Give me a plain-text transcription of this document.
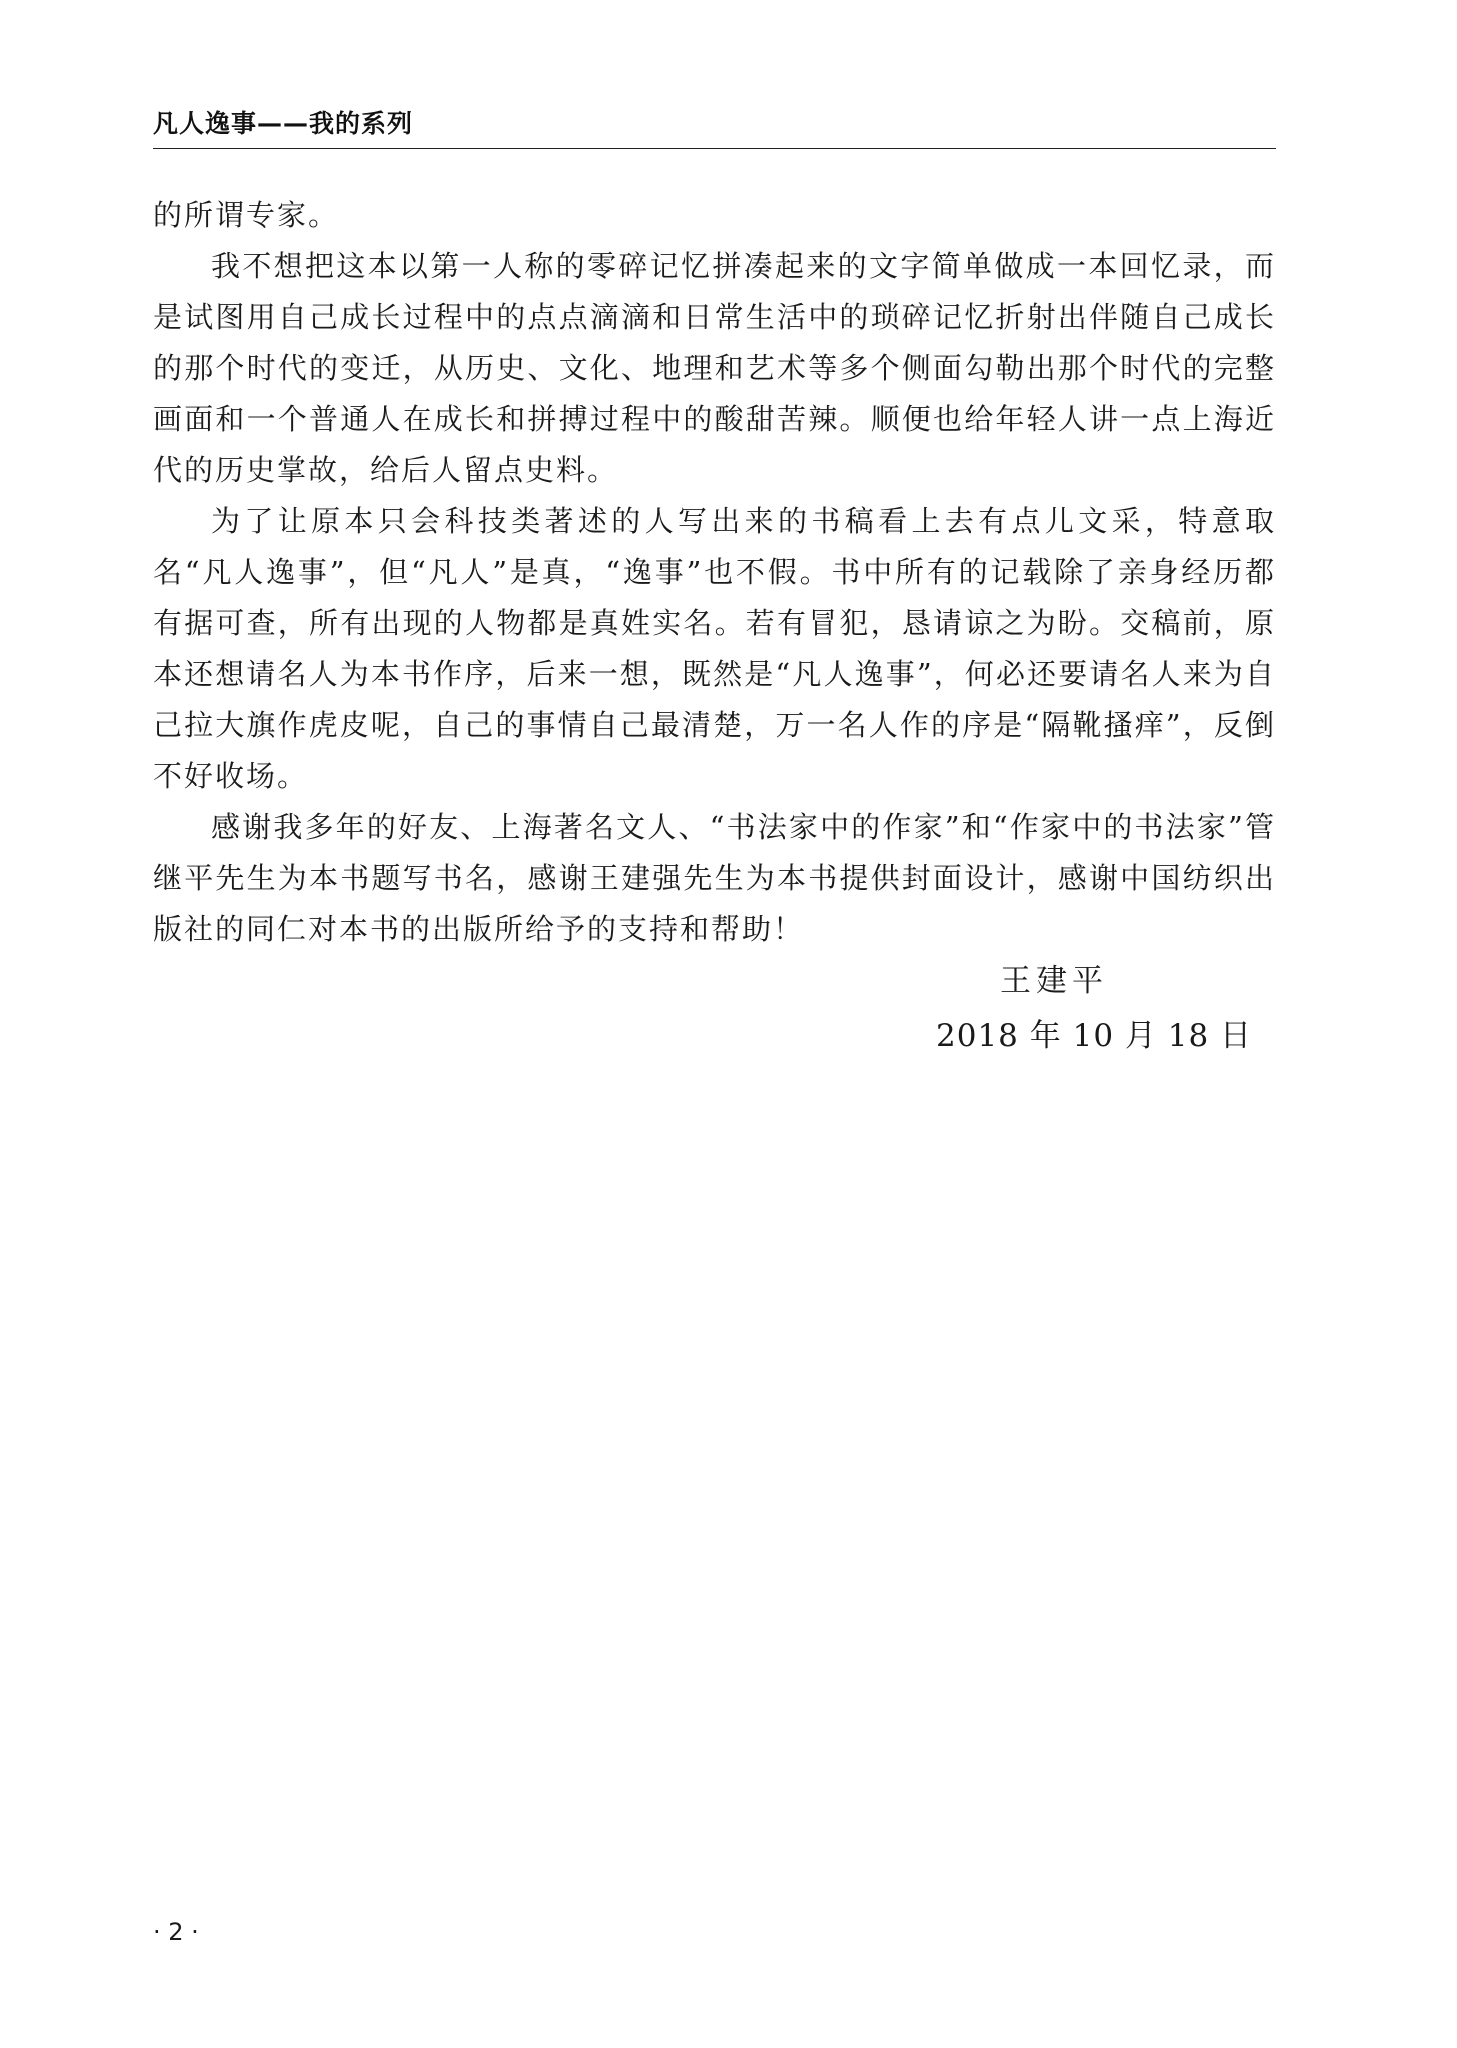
凡人逸事——我的系列

的所谓专家。

我不想把这本以第一人称的零碎记忆拼凑起来的文字简单做成一本回忆录，而是试图用自己成长过程中的点点滴滴和日常生活中的琐碎记忆折射出伴随自己成长的那个时代的变迁，从历史、文化、地理和艺术等多个侧面勾勒出那个时代的完整画面和一个普通人在成长和拼搏过程中的酸甜苦辣。顺便也给年轻人讲一点上海近代的历史掌故，给后人留点史料。

为了让原本只会科技类著述的人写出来的书稿看上去有点儿文采，特意取名“凡人逸事”，但“凡人”是真，“逸事”也不假。书中所有的记载除了亲身经历都有据可查，所有出现的人物都是真姓实名。若有冒犯，恳请谅之为盼。交稿前，原本还想请名人为本书作序，后来一想，既然是“凡人逸事”，何必还要请名人来为自己拉大旗作虎皮呢，自己的事情自己最清楚，万一名人作的序是“隔靴搔痒”，反倒不好收场。

感谢我多年的好友、上海著名文人、“书法家中的作家”和“作家中的书法家”管继平先生为本书题写书名，感谢王建强先生为本书提供封面设计，感谢中国纺织出版社的同仁对本书的出版所给予的支持和帮助！

王建平
2018 年 10 月 18 日
· 2 ·
